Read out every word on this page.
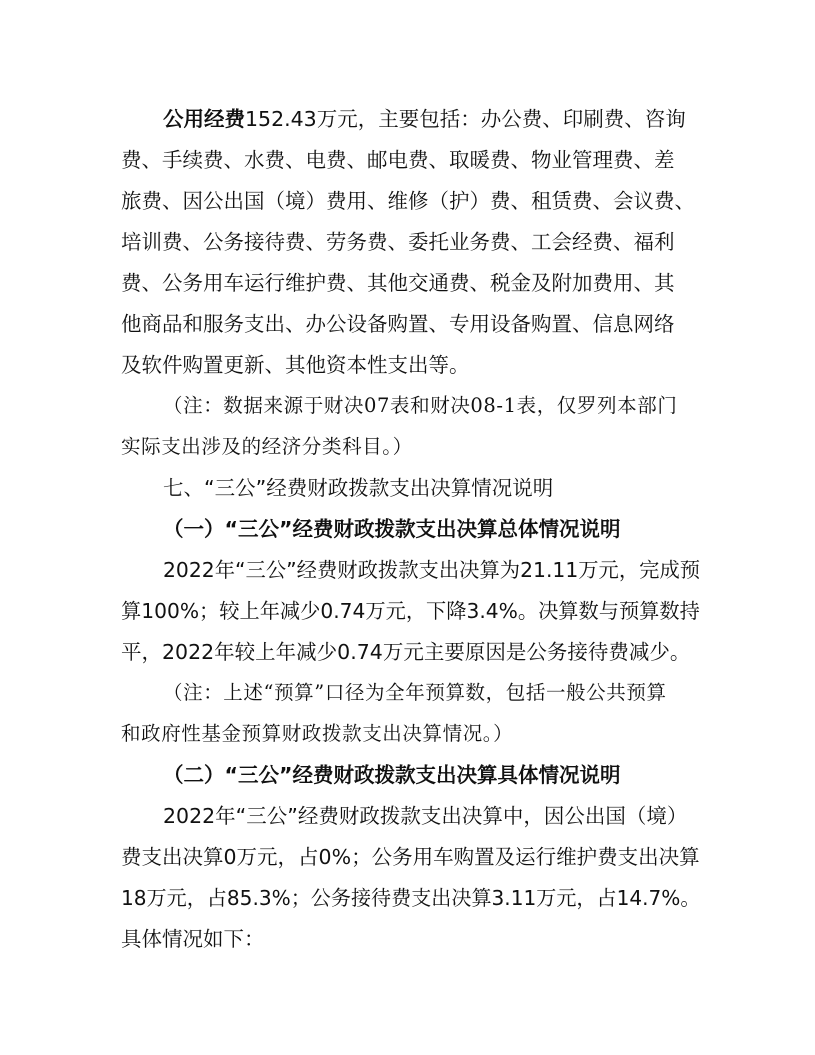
公用经费152.43万元，主要包括：办公费、印刷费、咨询
费、手续费、水费、电费、邮电费、取暖费、物业管理费、差
旅费、因公出国（境）费用、维修（护）费、租赁费、会议费、
培训费、公务接待费、劳务费、委托业务费、工会经费、福利
费、公务用车运行维护费、其他交通费、税金及附加费用、其
他商品和服务支出、办公设备购置、专用设备购置、信息网络
及软件购置更新、其他资本性支出等。
（注：数据来源于财决07表和财决08-1表，仅罗列本部门
实际支出涉及的经济分类科目。）
七、“三公”经费财政拨款支出决算情况说明
（一）“三公”经费财政拨款支出决算总体情况说明
2022年“三公”经费财政拨款支出决算为21.11万元，完成预
算100%；较上年减少0.74万元，下降3.4%。决算数与预算数持
平，2022年较上年减少0.74万元主要原因是公务接待费减少。
（注：上述“预算”口径为全年预算数，包括一般公共预算
和政府性基金预算财政拨款支出决算情况。）
（二）“三公”经费财政拨款支出决算具体情况说明
2022年“三公”经费财政拨款支出决算中，因公出国（境）
费支出决算0万元，占0%；公务用车购置及运行维护费支出决算
18万元，占85.3%；公务接待费支出决算3.11万元，占14.7%。
具体情况如下：
